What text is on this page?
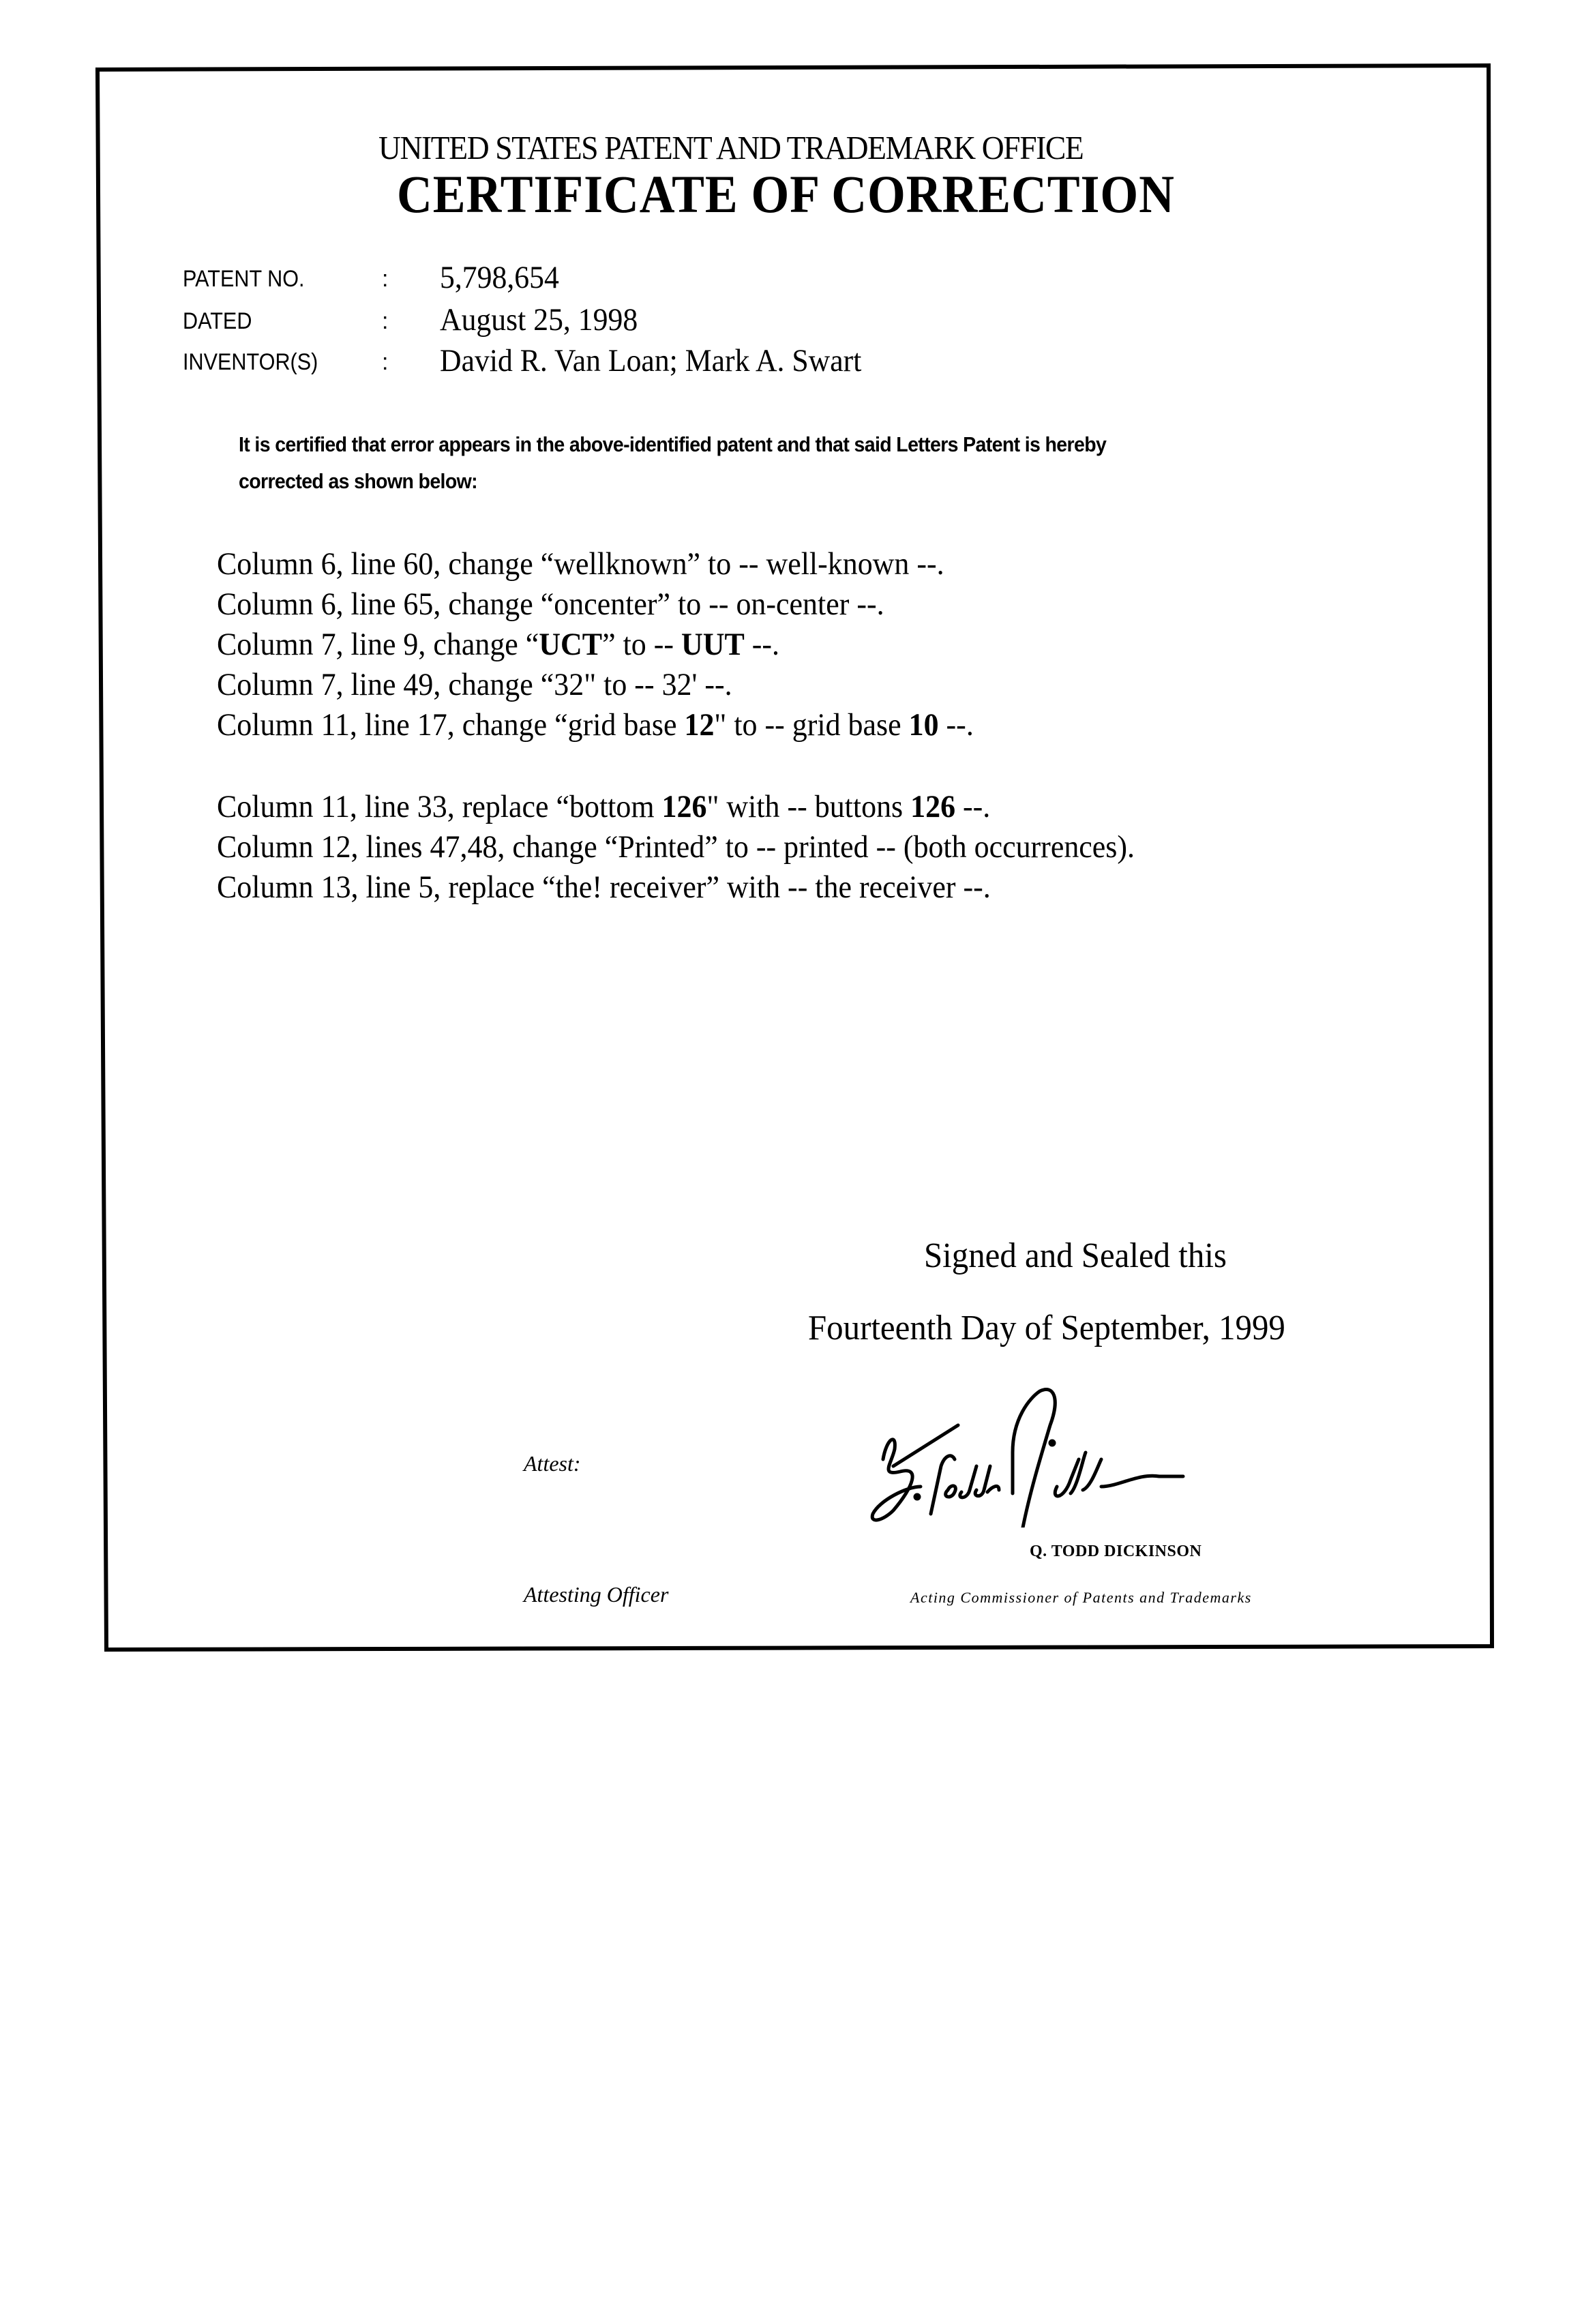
UNITED STATES PATENT AND TRADEMARK OFFICE
CERTIFICATE OF CORRECTION
PATENT NO.	: 5,798,654
DATED	: August 25, 1998
INVENTOR(S)	: David R. Van Loan; Mark A. Swart
It is certified that error appears in the above-identified patent and that said Letters Patent is hereby
corrected as shown below:
Column 6, line 60, change “wellknown” to -- well-known --.
Column 6, line 65, change “oncenter” to -- on-center --.
Column 7, line 9, change “UCT” to -- UUT --.
Column 7, line 49, change “32" to -- 32' --.
Column 11, line 17, change “grid base 12" to -- grid base 10 --.
Column 11, line 33, replace “bottom 126" with -- buttons 126 --.
Column 12, lines 47,48, change “Printed” to -- printed -- (both occurrences).
Column 13, line 5, replace “the! receiver” with -- the receiver --.
Signed and Sealed this
Fourteenth Day of September, 1999
Attest:
Attesting Officer
Q. TODD DICKINSON
Acting Commissioner of Patents and Trademarks
